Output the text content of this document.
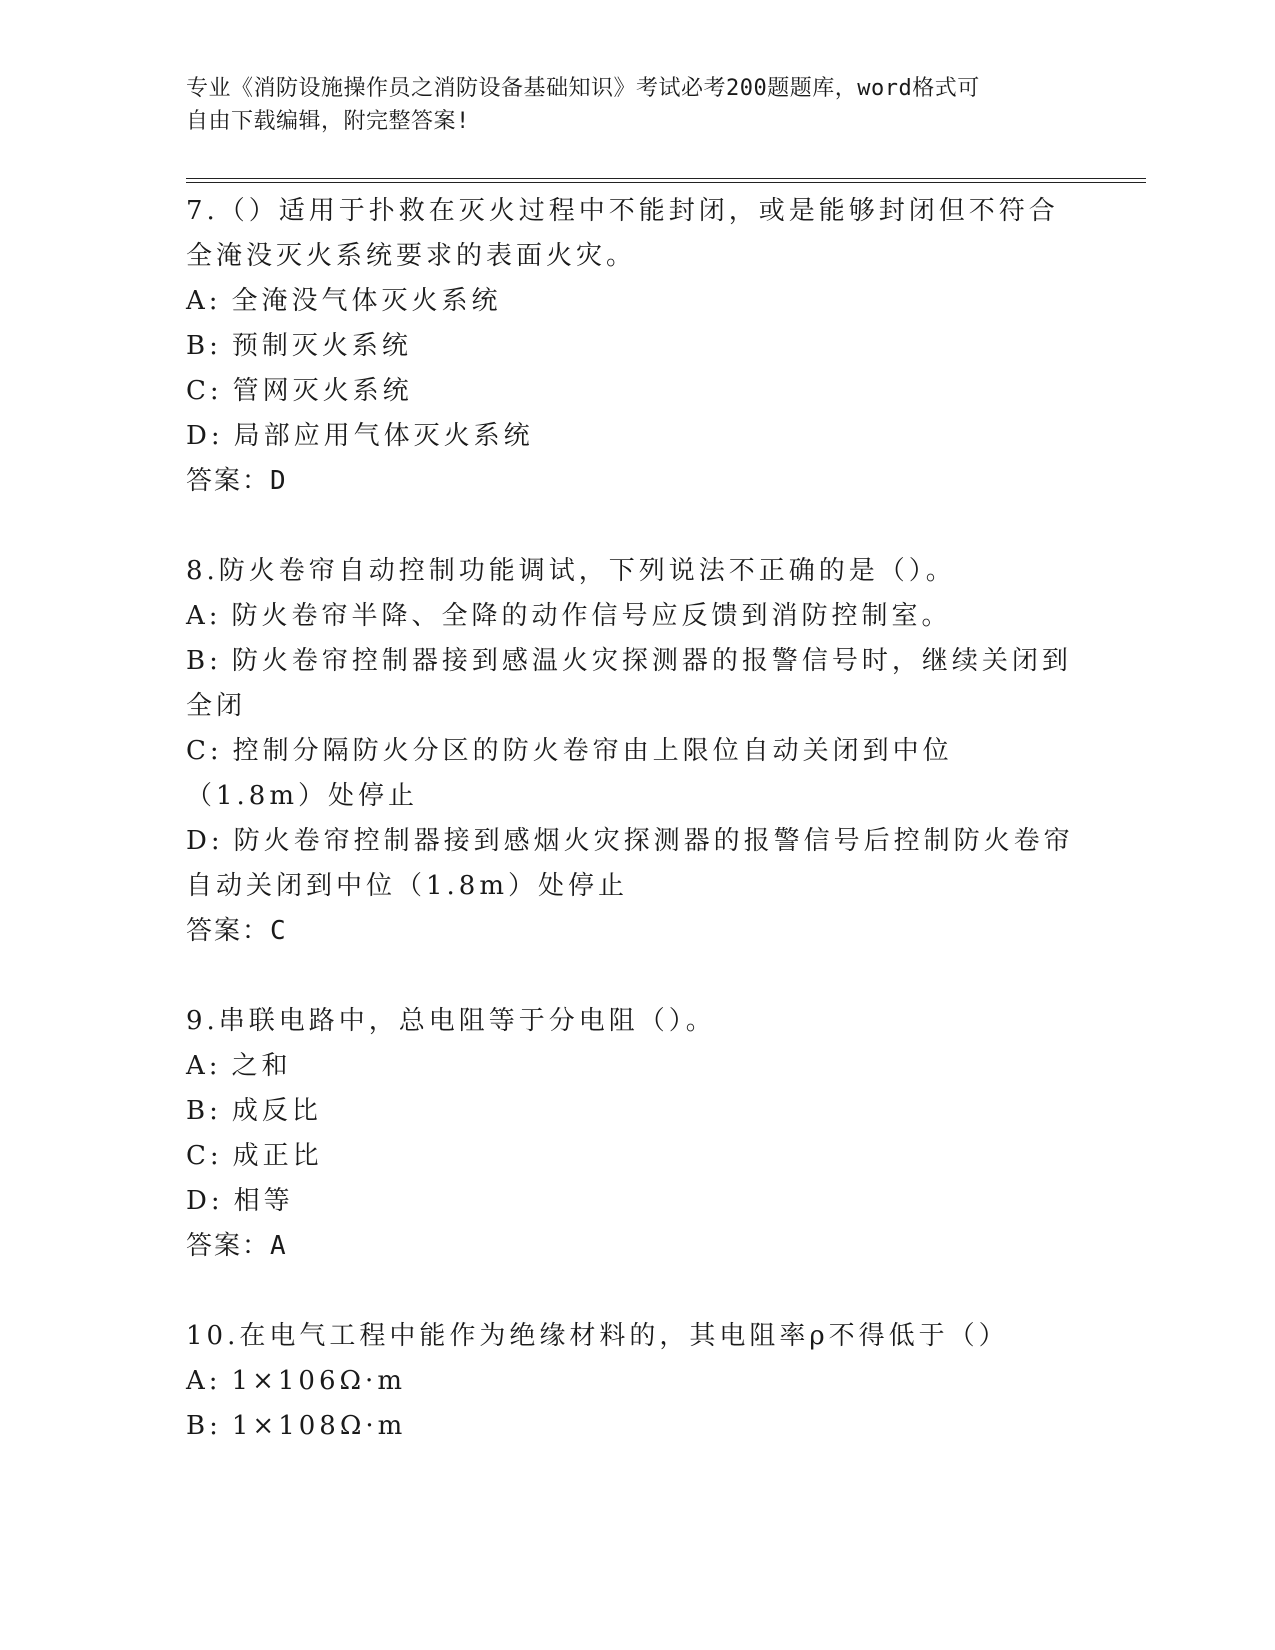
专业《消防设施操作员之消防设备基础知识》考试必考200题题库，word格式可
自由下载编辑，附完整答案!
7.（）适用于扑救在灭火过程中不能封闭，或是能够封闭但不符合全淹没灭火系统要求的表面火灾。
A: 全淹没气体灭火系统
B: 预制灭火系统
C: 管网灭火系统
D: 局部应用气体灭火系统
答案：D
8.防火卷帘自动控制功能调试，下列说法不正确的是（）。
A: 防火卷帘半降、全降的动作信号应反馈到消防控制室。
B: 防火卷帘控制器接到感温火灾探测器的报警信号时，继续关闭到全闭
C: 控制分隔防火分区的防火卷帘由上限位自动关闭到中位（1.8m）处停止
D: 防火卷帘控制器接到感烟火灾探测器的报警信号后控制防火卷帘自动关闭到中位（1.8m）处停止
答案：C
9.串联电路中，总电阻等于分电阻（）。
A: 之和
B: 成反比
C: 成正比
D: 相等
答案：A
10.在电气工程中能作为绝缘材料的，其电阻率ρ不得低于（）
A: 1×106Ω·m
B: 1×108Ω·m
